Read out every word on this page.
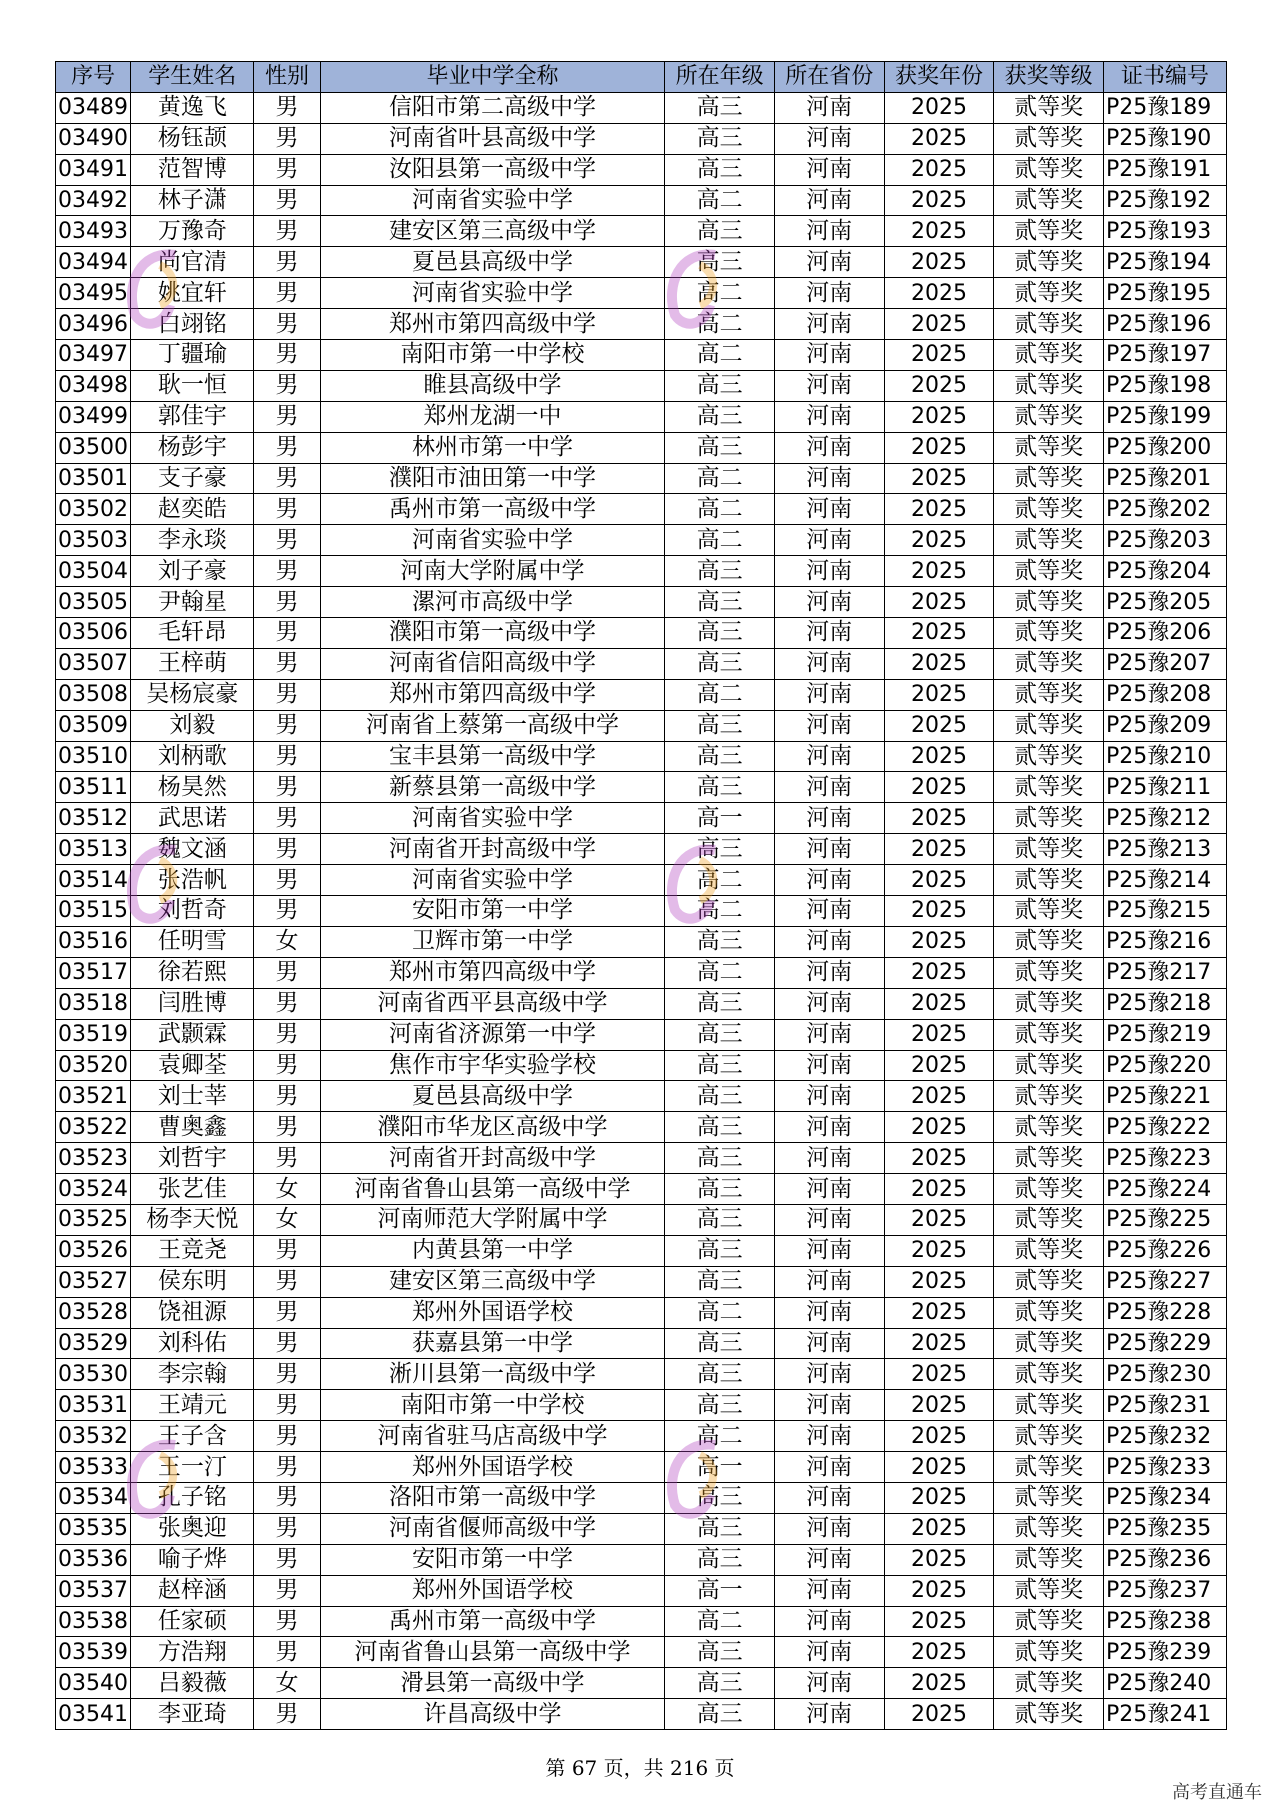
序号	学生姓名	性别	毕业中学全称	所在年级	所在省份	获奖年份	获奖等级	证书编号
03489	黄逸飞	男	信阳市第二高级中学	高三	河南	2025	贰等奖	P25豫189
03490	杨钰颉	男	河南省叶县高级中学	高三	河南	2025	贰等奖	P25豫190
03491	范智博	男	汝阳县第一高级中学	高三	河南	2025	贰等奖	P25豫191
03492	林子潇	男	河南省实验中学	高二	河南	2025	贰等奖	P25豫192
03493	万豫奇	男	建安区第三高级中学	高三	河南	2025	贰等奖	P25豫193
03494	尚官清	男	夏邑县高级中学	高三	河南	2025	贰等奖	P25豫194
03495	姚宜轩	男	河南省实验中学	高二	河南	2025	贰等奖	P25豫195
03496	白翊铭	男	郑州市第四高级中学	高二	河南	2025	贰等奖	P25豫196
03497	丁疆瑜	男	南阳市第一中学校	高二	河南	2025	贰等奖	P25豫197
03498	耿一恒	男	睢县高级中学	高三	河南	2025	贰等奖	P25豫198
03499	郭佳宇	男	郑州龙湖一中	高三	河南	2025	贰等奖	P25豫199
03500	杨彭宇	男	林州市第一中学	高三	河南	2025	贰等奖	P25豫200
03501	支子豪	男	濮阳市油田第一中学	高二	河南	2025	贰等奖	P25豫201
03502	赵奕皓	男	禹州市第一高级中学	高二	河南	2025	贰等奖	P25豫202
03503	李永琰	男	河南省实验中学	高二	河南	2025	贰等奖	P25豫203
03504	刘子豪	男	河南大学附属中学	高三	河南	2025	贰等奖	P25豫204
03505	尹翰星	男	漯河市高级中学	高三	河南	2025	贰等奖	P25豫205
03506	毛轩昂	男	濮阳市第一高级中学	高三	河南	2025	贰等奖	P25豫206
03507	王梓萌	男	河南省信阳高级中学	高三	河南	2025	贰等奖	P25豫207
03508	吴杨宸豪	男	郑州市第四高级中学	高二	河南	2025	贰等奖	P25豫208
03509	刘毅	男	河南省上蔡第一高级中学	高三	河南	2025	贰等奖	P25豫209
03510	刘柄歌	男	宝丰县第一高级中学	高三	河南	2025	贰等奖	P25豫210
03511	杨昊然	男	新蔡县第一高级中学	高三	河南	2025	贰等奖	P25豫211
03512	武思诺	男	河南省实验中学	高一	河南	2025	贰等奖	P25豫212
03513	魏文涵	男	河南省开封高级中学	高三	河南	2025	贰等奖	P25豫213
03514	张浩帆	男	河南省实验中学	高二	河南	2025	贰等奖	P25豫214
03515	刘哲奇	男	安阳市第一中学	高二	河南	2025	贰等奖	P25豫215
03516	任明雪	女	卫辉市第一中学	高三	河南	2025	贰等奖	P25豫216
03517	徐若熙	男	郑州市第四高级中学	高二	河南	2025	贰等奖	P25豫217
03518	闫胜博	男	河南省西平县高级中学	高三	河南	2025	贰等奖	P25豫218
03519	武颢霖	男	河南省济源第一中学	高三	河南	2025	贰等奖	P25豫219
03520	袁卿荃	男	焦作市宇华实验学校	高三	河南	2025	贰等奖	P25豫220
03521	刘士莘	男	夏邑县高级中学	高三	河南	2025	贰等奖	P25豫221
03522	曹奥鑫	男	濮阳市华龙区高级中学	高三	河南	2025	贰等奖	P25豫222
03523	刘哲宇	男	河南省开封高级中学	高三	河南	2025	贰等奖	P25豫223
03524	张艺佳	女	河南省鲁山县第一高级中学	高三	河南	2025	贰等奖	P25豫224
03525	杨李天悦	女	河南师范大学附属中学	高三	河南	2025	贰等奖	P25豫225
03526	王竞尧	男	内黄县第一中学	高三	河南	2025	贰等奖	P25豫226
03527	侯东明	男	建安区第三高级中学	高三	河南	2025	贰等奖	P25豫227
03528	饶祖源	男	郑州外国语学校	高二	河南	2025	贰等奖	P25豫228
03529	刘科佑	男	获嘉县第一中学	高三	河南	2025	贰等奖	P25豫229
03530	李宗翰	男	淅川县第一高级中学	高三	河南	2025	贰等奖	P25豫230
03531	王靖元	男	南阳市第一中学校	高三	河南	2025	贰等奖	P25豫231
03532	王子含	男	河南省驻马店高级中学	高二	河南	2025	贰等奖	P25豫232
03533	王一汀	男	郑州外国语学校	高一	河南	2025	贰等奖	P25豫233
03534	孔子铭	男	洛阳市第一高级中学	高三	河南	2025	贰等奖	P25豫234
03535	张奥迎	男	河南省偃师高级中学	高三	河南	2025	贰等奖	P25豫235
03536	喻子烨	男	安阳市第一中学	高三	河南	2025	贰等奖	P25豫236
03537	赵梓涵	男	郑州外国语学校	高一	河南	2025	贰等奖	P25豫237
03538	任家硕	男	禹州市第一高级中学	高二	河南	2025	贰等奖	P25豫238
03539	方浩翔	男	河南省鲁山县第一高级中学	高三	河南	2025	贰等奖	P25豫239
03540	吕毅薇	女	滑县第一高级中学	高三	河南	2025	贰等奖	P25豫240
03541	李亚琦	男	许昌高级中学	高三	河南	2025	贰等奖	P25豫241
第 67 页，共 216 页
高考直通车
